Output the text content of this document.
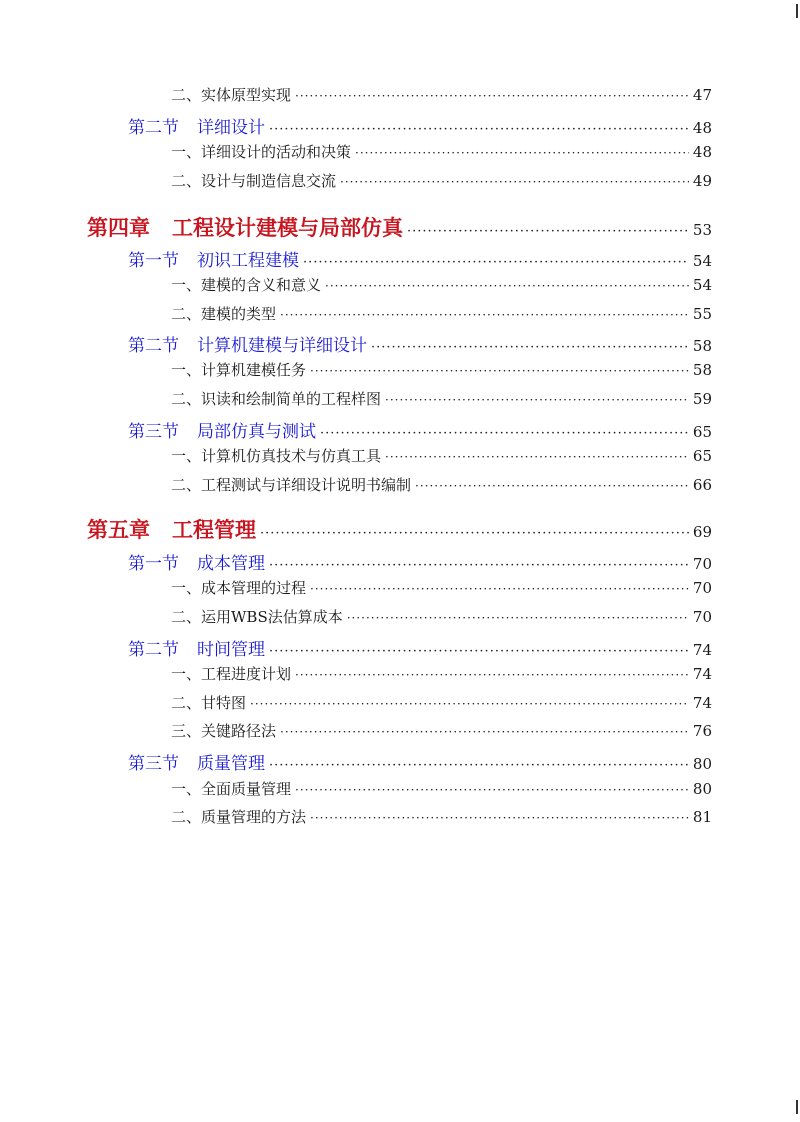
二、实体原型实现 ·····	47
第二节 详细设计 ·····	48
一、详细设计的活动和决策 ·····	48
二、设计与制造信息交流 ·····	49
第四章 工程设计建模与局部仿真 ·····	53
第一节 初识工程建模 ·····	54
一、建模的含义和意义 ·····	54
二、建模的类型 ·····	55
第二节 计算机建模与详细设计 ·····	58
一、计算机建模任务 ·····	58
二、识读和绘制简单的工程样图 ·····	59
第三节 局部仿真与测试 ·····	65
一、计算机仿真技术与仿真工具 ·····	65
二、工程测试与详细设计说明书编制 ·····	66
第五章 工程管理 ·····	69
第一节 成本管理 ·····	70
一、成本管理的过程 ·····	70
二、运用WBS法估算成本 ·····	70
第二节 时间管理 ·····	74
一、工程进度计划 ·····	74
二、甘特图 ·····	74
三、关键路径法 ·····	76
第三节 质量管理 ·····	80
一、全面质量管理 ·····	80
二、质量管理的方法 ·····	81
